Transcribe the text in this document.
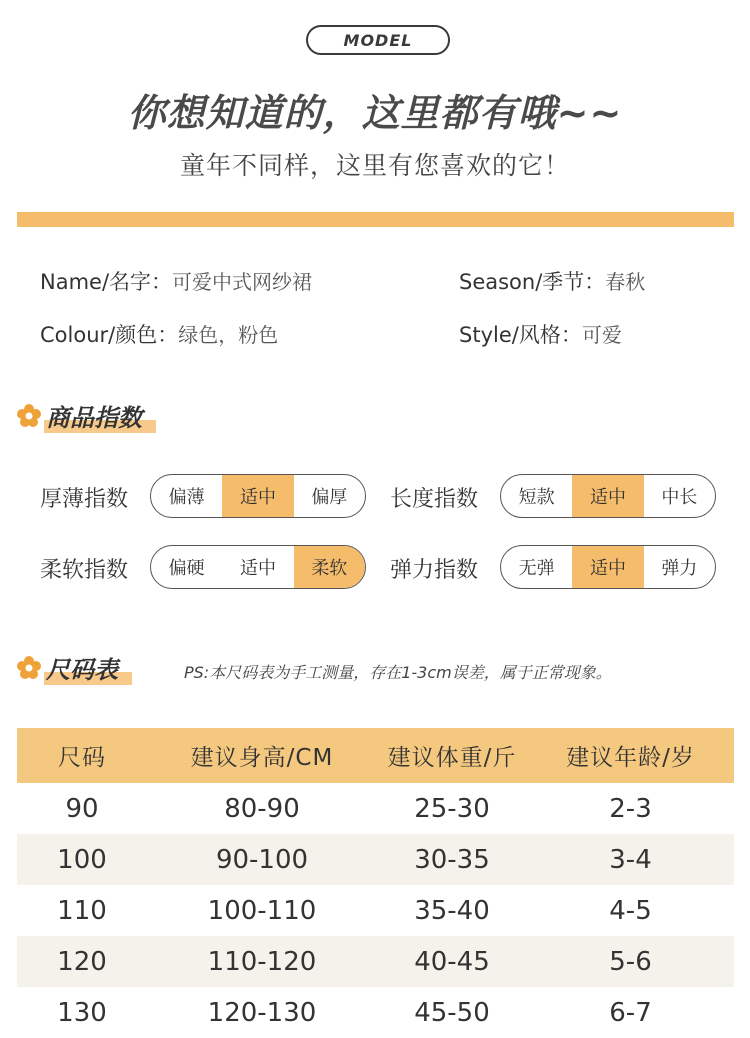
MODEL
你想知道的，这里都有哦~~
童年不同样，这里有您喜欢的它！
Name/名字：可爱中式网纱裙	Season/季节：春秋
Colour/颜色：绿色，粉色	Style/风格：可爱
商品指数
厚薄指数	偏薄	适中	偏厚	长度指数	短款	适中	中长
柔软指数	偏硬	适中	柔软	弹力指数	无弹	适中	弹力
尺码表	PS:本尺码表为手工测量，存在1-3cm误差，属于正常现象。
尺码	建议身高/CM	建议体重/斤	建议年龄/岁
90	80-90	25-30	2-3
100	90-100	30-35	3-4
110	100-110	35-40	4-5
120	110-120	40-45	5-6
130	120-130	45-50	6-7
